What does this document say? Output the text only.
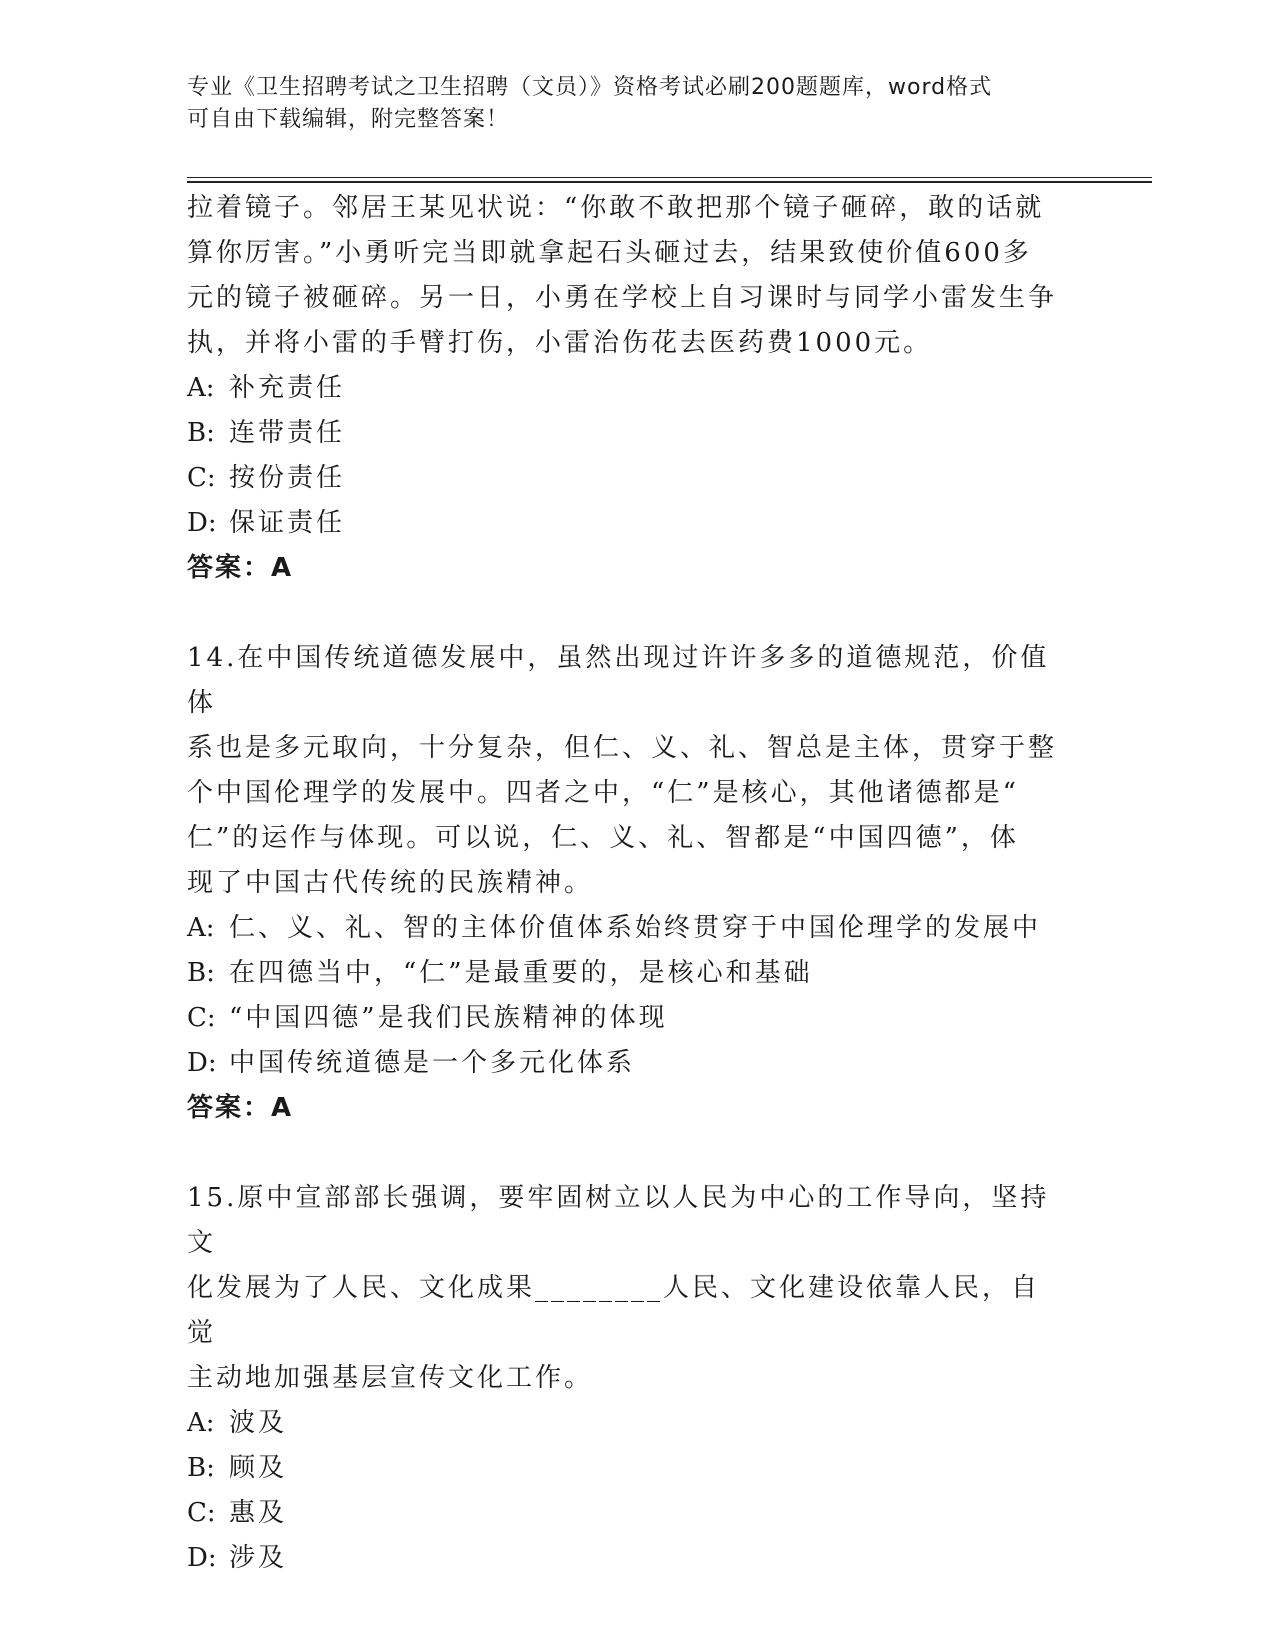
专业《卫生招聘考试之卫生招聘（文员）》资格考试必刷200题题库，word格式
可自由下载编辑，附完整答案！

拉着镜子。邻居王某见状说：“你敢不敢把那个镜子砸碎，敢的话就

算你厉害。”小勇听完当即就拿起石头砸过去，结果致使价值600多

元的镜子被砸碎。另一日，小勇在学校上自习课时与同学小雷发生争

执，并将小雷的手臂打伤，小雷治伤花去医药费1000元。

A: 补充责任

B: 连带责任

C: 按份责任

D: 保证责任

答案：A

14.在中国传统道德发展中，虽然出现过许许多多的道德规范，价值体

系也是多元取向，十分复杂，但仁、义、礼、智总是主体，贯穿于整

个中国伦理学的发展中。四者之中，“仁”是核心，其他诸德都是“

仁”的运作与体现。可以说，仁、义、礼、智都是“中国四德”，体

现了中国古代传统的民族精神。

A: 仁、义、礼、智的主体价值体系始终贯穿于中国伦理学的发展中

B: 在四德当中，“仁”是最重要的，是核心和基础

C: “中国四德”是我们民族精神的体现

D: 中国传统道德是一个多元化体系

答案：A

15.原中宣部部长强调，要牢固树立以人民为中心的工作导向，坚持文

化发展为了人民、文化成果________人民、文化建设依靠人民，自觉

主动地加强基层宣传文化工作。

A: 波及

B: 顾及

C: 惠及

D: 涉及
